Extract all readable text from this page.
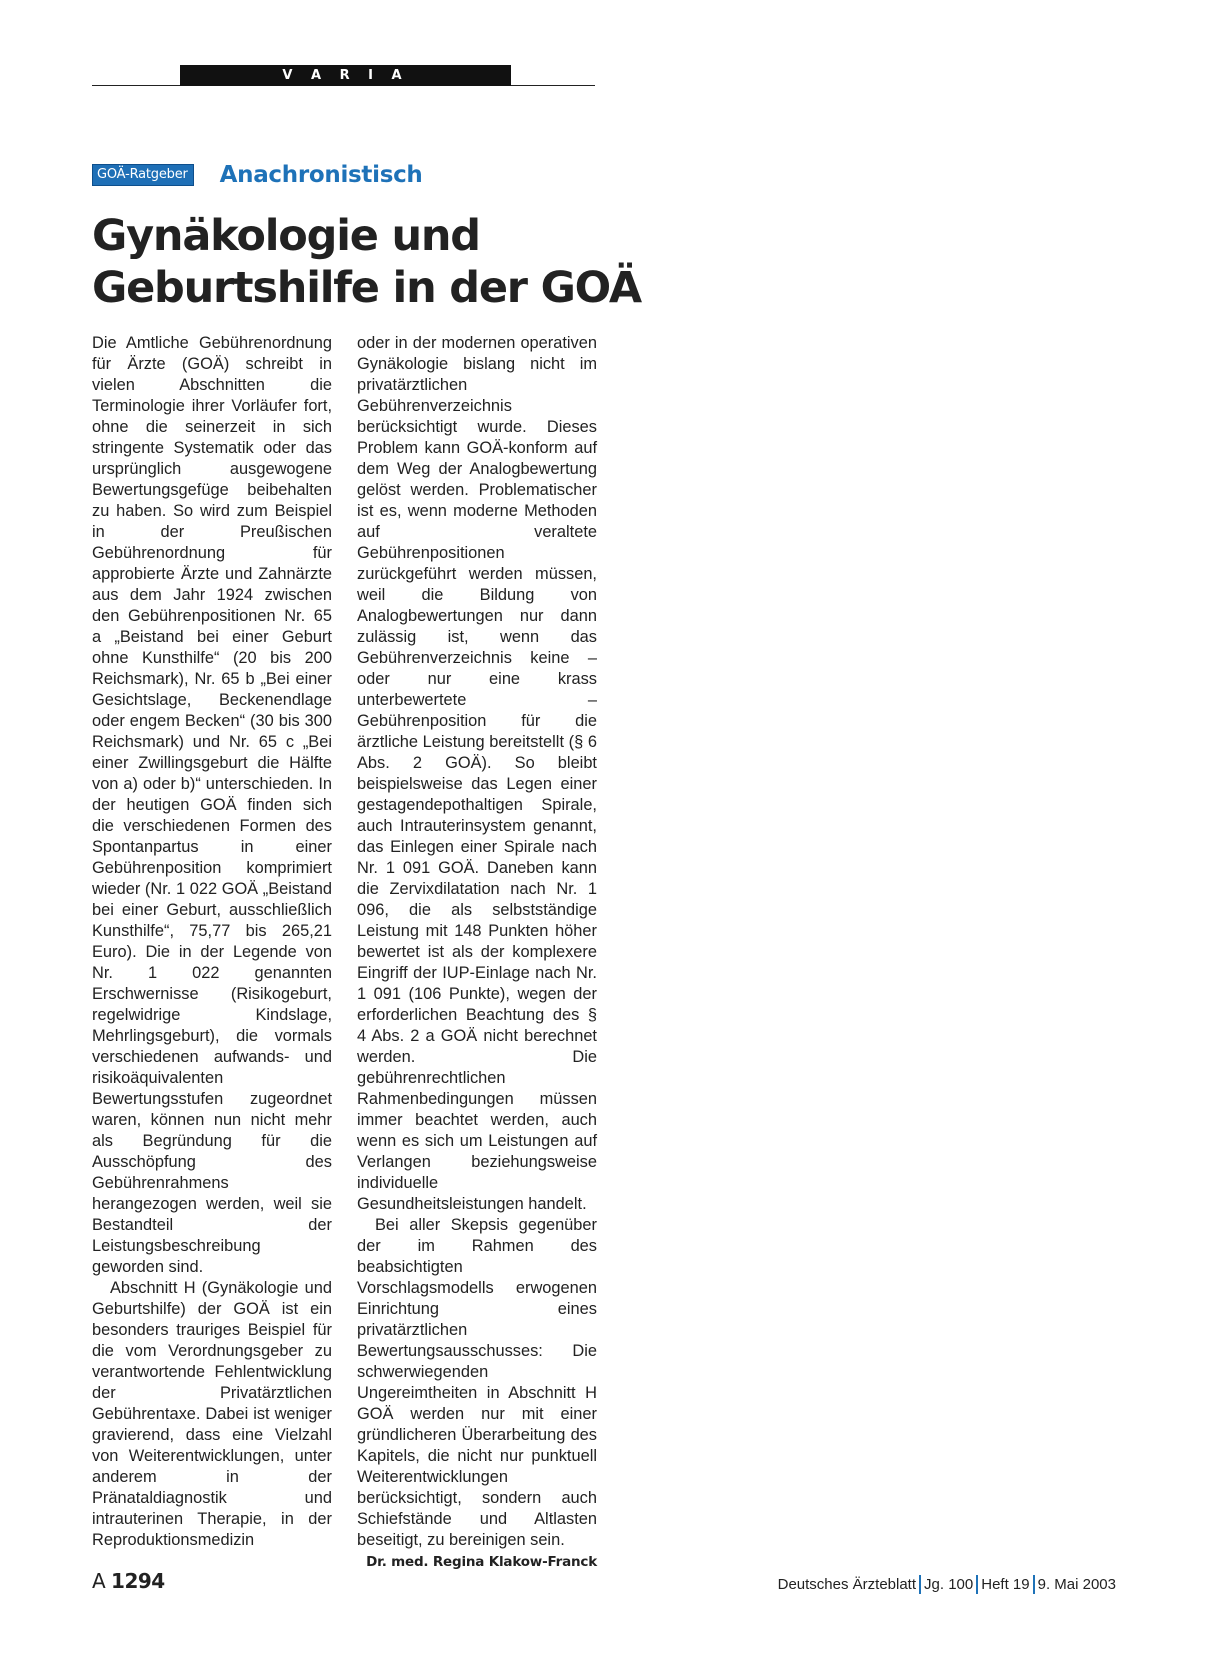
V A R I A
GOÄ-Ratgeber Anachronistisch
Gynäkologie und
Geburtshilfe in der GOÄ

Die Amtliche Gebührenordnung für Ärzte (GOÄ) schreibt in vielen Abschnitten die Terminologie ihrer Vorläufer fort, ohne die seinerzeit in sich stringente Systematik oder das ursprünglich ausgewogene Bewertungsgefüge beibehalten zu haben. So wird zum Beispiel in der Preußischen Gebührenordnung für approbierte Ärzte und Zahnärzte aus dem Jahr 1924 zwischen den Gebührenpositionen Nr. 65 a „Beistand bei einer Geburt ohne Kunsthilfe“ (20 bis 200 Reichsmark), Nr. 65 b „Bei einer Gesichtslage, Beckenendlage oder engem Becken“ (30 bis 300 Reichsmark) und Nr. 65 c „Bei einer Zwillingsgeburt die Hälfte von a) oder b)“ unterschieden. In der heutigen GOÄ finden sich die verschiedenen Formen des Spontanpartus in einer Gebührenposition komprimiert wieder (Nr. 1 022 GOÄ „Beistand bei einer Geburt, ausschließlich Kunsthilfe“, 75,77 bis 265,21 Euro). Die in der Legende von Nr. 1 022 genannten Erschwernisse (Risikogeburt, regelwidrige Kindslage, Mehrlingsgeburt), die vormals verschiedenen aufwands- und risikoäquivalenten Bewertungsstufen zugeordnet waren, können nun nicht mehr als Begründung für die Ausschöpfung des Gebührenrahmens herangezogen werden, weil sie Bestandteil der Leistungsbeschreibung geworden sind.

Abschnitt H (Gynäkologie und Geburtshilfe) der GOÄ ist ein besonders trauriges Beispiel für die vom Verordnungsgeber zu verantwortende Fehlentwicklung der Privatärztlichen Gebührentaxe. Dabei ist weniger gravierend, dass eine Vielzahl von Weiterentwicklungen, unter anderem in der Pränataldiagnostik und intrauterinen Therapie, in der Reproduktionsmedizin

oder in der modernen operativen Gynäkologie bislang nicht im privatärztlichen Gebührenverzeichnis berücksichtigt wurde. Dieses Problem kann GOÄ-konform auf dem Weg der Analogbewertung gelöst werden. Problematischer ist es, wenn moderne Methoden auf veraltete Gebührenpositionen zurückgeführt werden müssen, weil die Bildung von Analogbewertungen nur dann zulässig ist, wenn das Gebührenverzeichnis keine – oder nur eine krass unterbewertete – Gebührenposition für die ärztliche Leistung bereitstellt (§ 6 Abs. 2 GOÄ). So bleibt beispielsweise das Legen einer gestagendepothaltigen Spirale, auch Intrauterinsystem genannt, das Einlegen einer Spirale nach Nr. 1 091 GOÄ. Daneben kann die Zervixdilatation nach Nr. 1 096, die als selbstständige Leistung mit 148 Punkten höher bewertet ist als der komplexere Eingriff der IUP-Einlage nach Nr. 1 091 (106 Punkte), wegen der erforderlichen Beachtung des § 4 Abs. 2 a GOÄ nicht berechnet werden. Die gebührenrechtlichen Rahmenbedingungen müssen immer beachtet werden, auch wenn es sich um Leistungen auf Verlangen beziehungsweise individuelle Gesundheitsleistungen handelt.

Bei aller Skepsis gegenüber der im Rahmen des beabsichtigten Vorschlagsmodells erwogenen Einrichtung eines privatärztlichen Bewertungsausschusses: Die schwerwiegenden Ungereimtheiten in Abschnitt H GOÄ werden nur mit einer gründlicheren Überarbeitung des Kapitels, die nicht nur punktuell Weiterentwicklungen berücksichtigt, sondern auch Schiefstände und Altlasten beseitigt, zu bereinigen sein.

Dr. med. Regina Klakow-Franck
A 1294	Deutsches Ärzteblatt Jg. 100 Heft 19 9. Mai 2003
